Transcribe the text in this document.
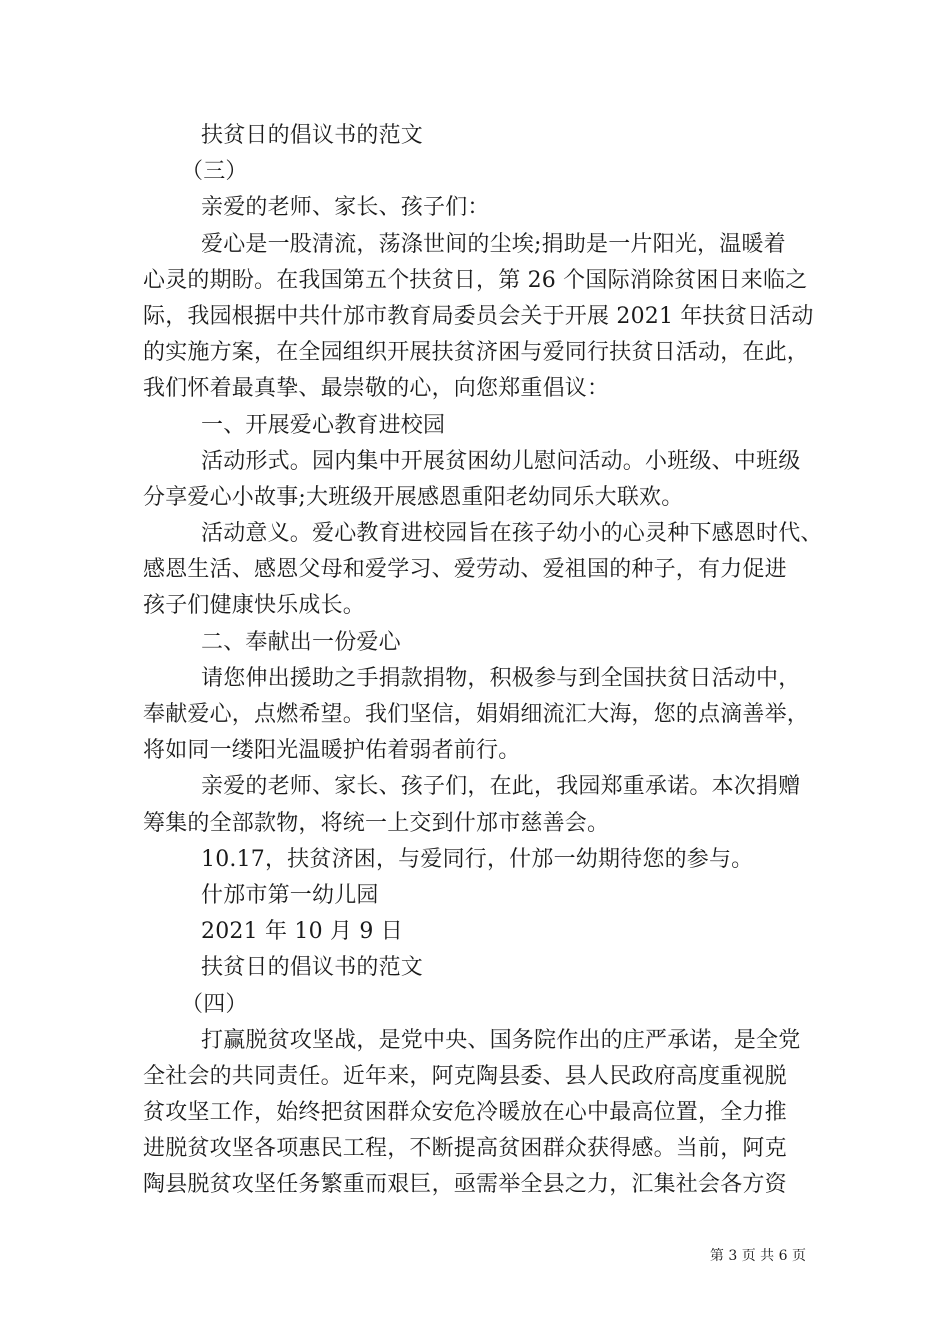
扶贫日的倡议书的范文
（三）
亲爱的老师、家长、孩子们：
爱心是一股清流，荡涤世间的尘埃;捐助是一片阳光，温暖着
心灵的期盼。在我国第五个扶贫日，第 26 个国际消除贫困日来临之
际，我园根据中共什邡市教育局委员会关于开展 2021 年扶贫日活动
的实施方案，在全园组织开展扶贫济困与爱同行扶贫日活动，在此，
我们怀着最真挚、最崇敬的心，向您郑重倡议：
一、开展爱心教育进校园
活动形式。园内集中开展贫困幼儿慰问活动。小班级、中班级
分享爱心小故事;大班级开展感恩重阳老幼同乐大联欢。
活动意义。爱心教育进校园旨在孩子幼小的心灵种下感恩时代、
感恩生活、感恩父母和爱学习、爱劳动、爱祖国的种子，有力促进
孩子们健康快乐成长。
二、奉献出一份爱心
请您伸出援助之手捐款捐物，积极参与到全国扶贫日活动中，
奉献爱心，点燃希望。我们坚信，娟娟细流汇大海，您的点滴善举，
将如同一缕阳光温暖护佑着弱者前行。
亲爱的老师、家长、孩子们，在此，我园郑重承诺。本次捐赠
筹集的全部款物，将统一上交到什邡市慈善会。
10.17，扶贫济困，与爱同行，什邡一幼期待您的参与。
什邡市第一幼儿园
2021 年 10 月 9 日
扶贫日的倡议书的范文
（四）
打赢脱贫攻坚战，是党中央、国务院作出的庄严承诺，是全党
全社会的共同责任。近年来，阿克陶县委、县人民政府高度重视脱
贫攻坚工作，始终把贫困群众安危冷暖放在心中最高位置，全力推
进脱贫攻坚各项惠民工程，不断提高贫困群众获得感。当前，阿克
陶县脱贫攻坚任务繁重而艰巨，亟需举全县之力，汇集社会各方资
第 3 页 共 6 页
